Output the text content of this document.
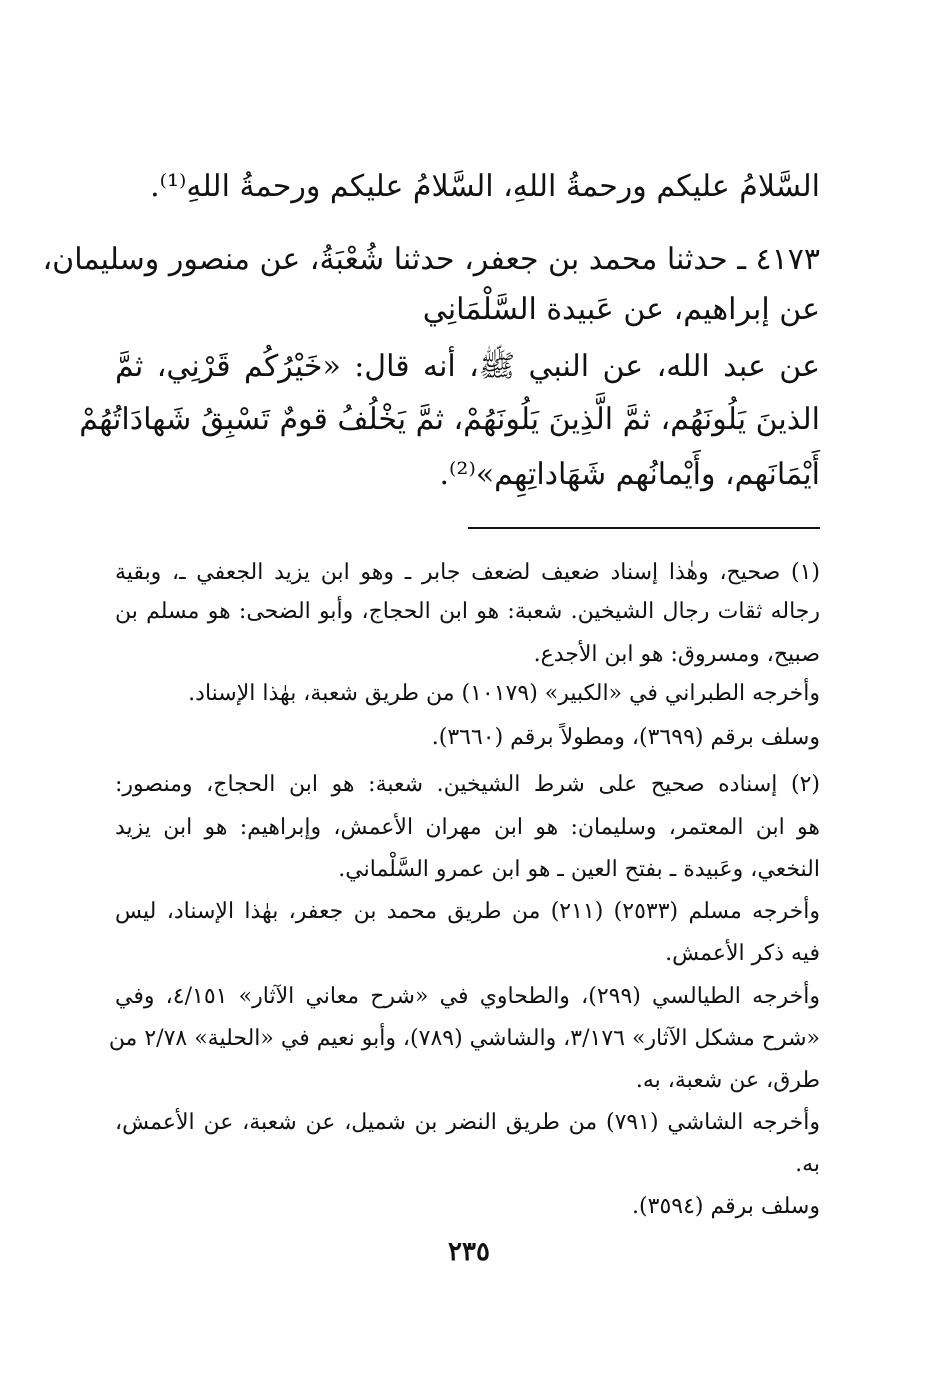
السَّلامُ عليكم ورحمةُ اللهِ، السَّلامُ عليكم ورحمةُ اللهِ⁽¹⁾.
٤١٧٣ ـ حدثنا محمد بن جعفر، حدثنا شُعْبَةُ، عن منصور وسليمان،
عن إبراهيم، عن عَبيدة السَّلْمَانِي
عن عبد الله، عن النبي ﷺ، أنه قال: «خَيْرُكُم قَرْنِي، ثمَّ
الذينَ يَلُونَهُم، ثمَّ الَّذِينَ يَلُونَهُمْ، ثمَّ يَخْلُفُ قومٌ تَسْبِقُ شَهادَاتُهُمْ
أَيْمَانَهم، وأَيْمانُهم شَهَاداتِهِم»⁽²⁾.
(١) صحيح، وهٰذا إسناد ضعيف لضعف جابر ـ وهو ابن يزيد الجعفي ـ، وبقية
رجاله ثقات رجال الشيخين. شعبة: هو ابن الحجاج، وأبو الضحى: هو مسلم بن
صبيح، ومسروق: هو ابن الأجدع.
وأخرجه الطبراني في «الكبير» (١٠١٧٩) من طريق شعبة، بهٰذا الإسناد.
وسلف برقم (٣٦٩٩)، ومطولاً برقم (٣٦٦٠).
(٢) إسناده صحيح على شرط الشيخين. شعبة: هو ابن الحجاج، ومنصور:
هو ابن المعتمر، وسليمان: هو ابن مهران الأعمش، وإبراهيم: هو ابن يزيد
النخعي، وعَبيدة ـ بفتح العين ـ هو ابن عمرو السَّلْماني.
وأخرجه مسلم (٢٥٣٣) (٢١١) من طريق محمد بن جعفر، بهٰذا الإسناد، ليس
فيه ذكر الأعمش.
وأخرجه الطيالسي (٢٩٩)، والطحاوي في «شرح معاني الآثار» ٤/١٥١، وفي
«شرح مشكل الآثار» ٣/١٧٦، والشاشي (٧٨٩)، وأبو نعيم في «الحلية» ٢/٧٨ من
طرق، عن شعبة، به.
وأخرجه الشاشي (٧٩١) من طريق النضر بن شميل، عن شعبة، عن الأعمش،
به.
وسلف برقم (٣٥٩٤).
٢٣٥
